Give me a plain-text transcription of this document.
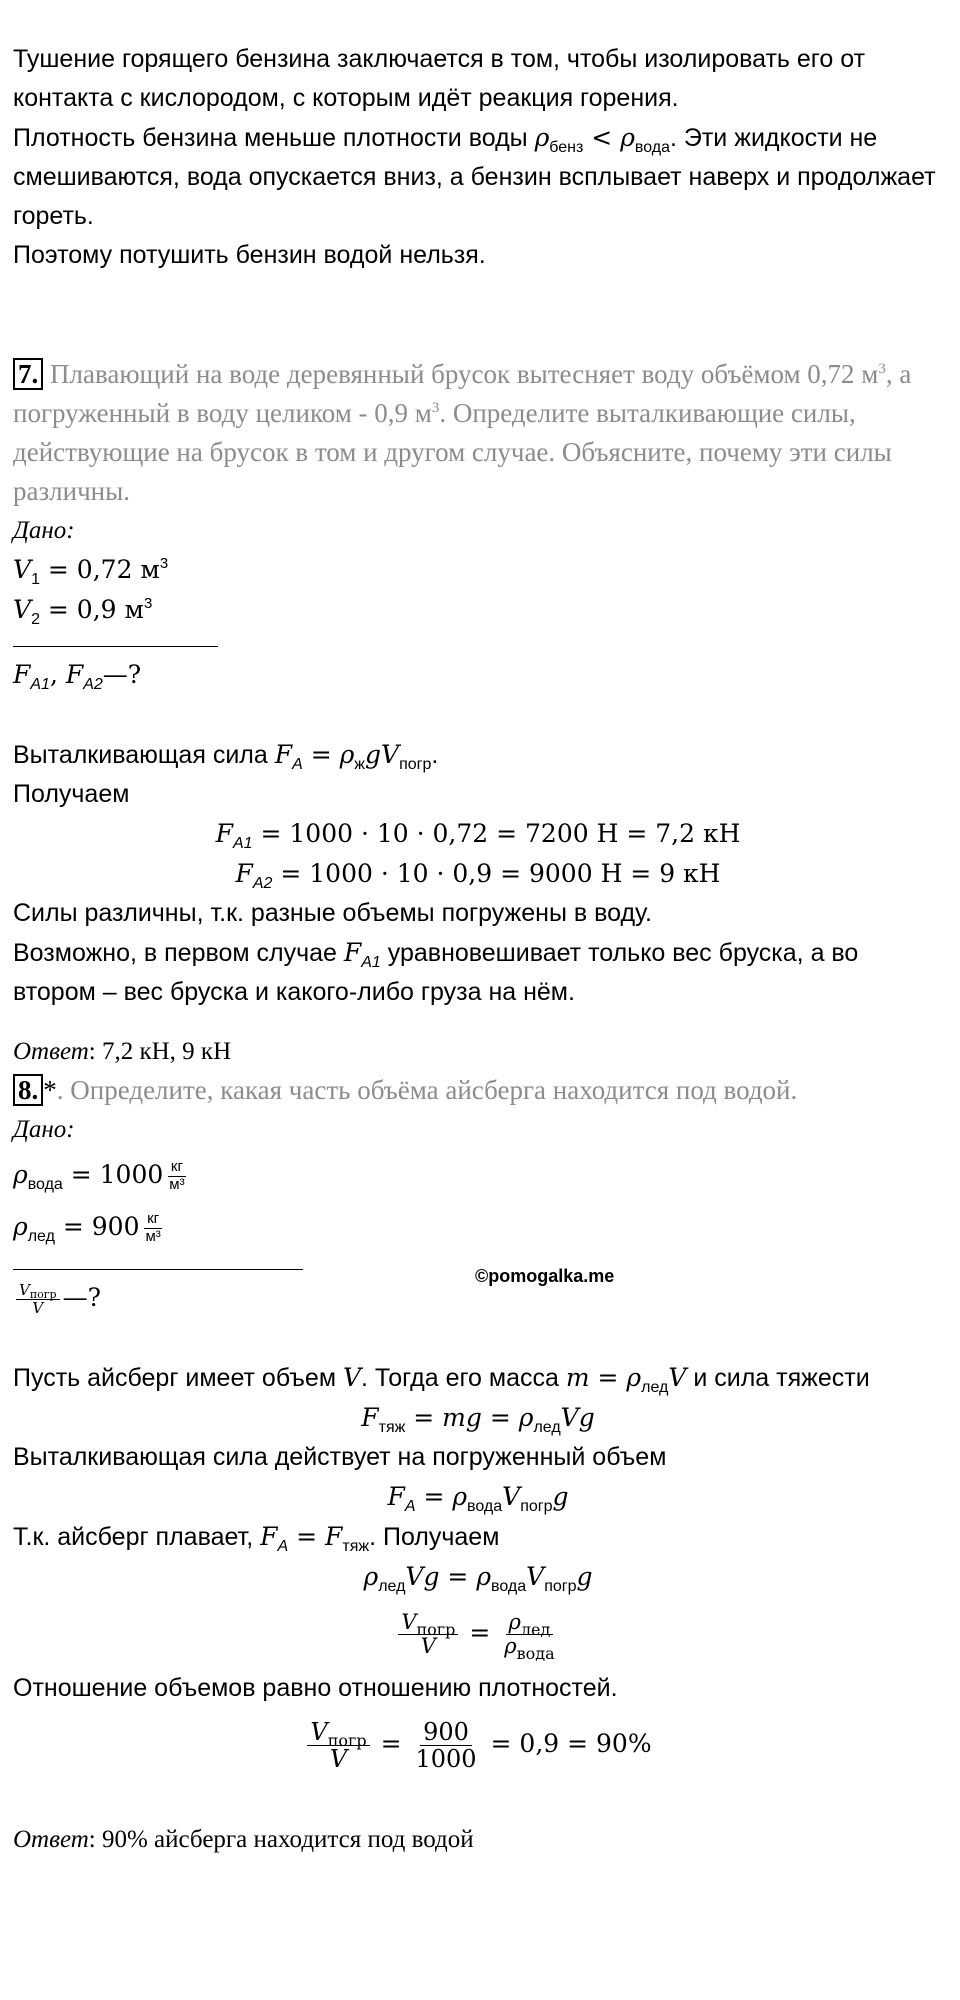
Тушение горящего бензина заключается в том, чтобы изолировать его от контакта с кислородом, с которым идёт реакция горения.

Плотность бензина меньше плотности воды $\rho_{бенз} < \rho_{вода}$. Эти жидкости не смешиваются, вода опускается вниз, а бензин всплывает наверх и продолжает гореть.

Поэтому потушить бензин водой нельзя.

7. Плавающий на воде деревянный брусок вытесняет воду объёмом 0,72 $м^3$, а погруженный в воду целиком - 0,9 $м^3$. Определите выталкивающие силы, действующие на брусок в том и другом случае. Объясните, почему эти силы различны.

Дано:

$V_1 = 0,72$ $м^3$

$V_2 = 0,9$ $м^3$

$F_{A1}$, $F_{A2}—$?

Выталкивающая сила $F_A = \rho_жgV_{погр}$.

Получаем

$F_{A1} = 1000 \cdot 10 \cdot 0,72 = 7200$ Н = 7,2 кН

$F_{A2} = 1000 \cdot 10 \cdot 0,9 = 9000$ Н = 9 кН

Силы различны, т.к. разные объемы погружены в воду.

Возможно, в первом случае $F_{A1}$ уравновешивает только вес бруска, а во втором – вес бруска и какого-либо груза на нём.

Ответ: 7,2 кН, 9 кН

8. *. Определите, какая часть объёма айсберга находится под водой.

Дано:

$\rho_{вода} = 1000 \frac{кг}{\text{м³}}$

$\rho_{лед} = 900 \frac{кг}{\text{м³}}$

$\frac{V_{погр}}{V}$ —?

Пусть айсберг имеет объем V. Тогда его масса $m = \rho_{лед}V$ и сила тяжести

$F_{тяж}$ = mg = $\rho_{лед}Vg$

Выталкивающая сила действует на погруженный объем

$F_A = \rho_{вода}V_{погр}g$

Т.к. айсберг плавает, $F_A = F_{тяж}$. Получаем

$\rho_{лед}Vg = \rho_{вода}V_{погр}g$

$\frac{V_{погр}}{V} = \frac{\rho_{лед}}{\rho_{вода}}$

Отношение объемов равно отношению плотностей.

$\frac{V_{погр}}{V} = \frac{900}{1000} = 0,9 = 90\%$

Ответ: 90% айсберга находится под водой

©pomogalka.me
